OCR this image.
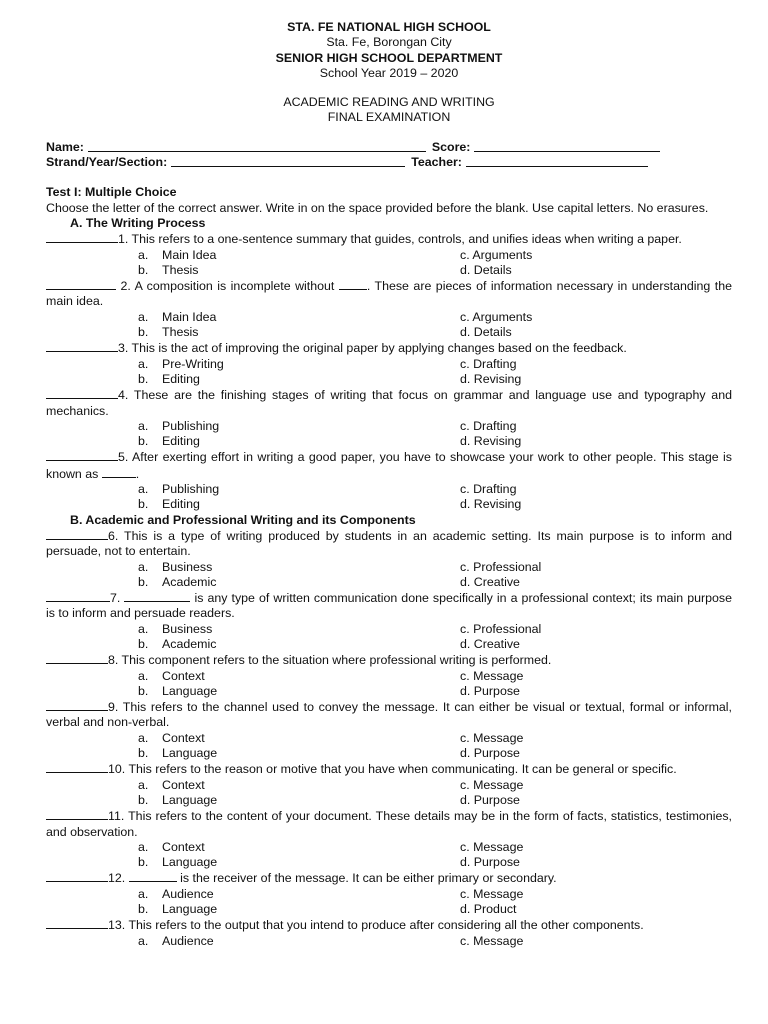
STA. FE NATIONAL HIGH SCHOOL
Sta. Fe, Borongan City
SENIOR HIGH SCHOOL DEPARTMENT
School Year 2019 – 2020
ACADEMIC READING AND WRITING
FINAL EXAMINATION
Name:	Score:
Strand/Year/Section:	Teacher:
Test I: Multiple Choice
Choose the letter of the correct answer. Write in on the space provided before the blank. Use capital letters. No erasures.
A. The Writing Process
1. This refers to a one-sentence summary that guides, controls, and unifies ideas when writing a paper.
a.	Main Idea	c. Arguments
b.	Thesis	d. Details
2. A composition is incomplete without . These are pieces of information necessary in understanding the main idea.
a.	Main Idea	c. Arguments
b.	Thesis	d. Details
3. This is the act of improving the original paper by applying changes based on the feedback.
a.	Pre-Writing	c. Drafting
b.	Editing	d. Revising
4. These are the finishing stages of writing that focus on grammar and language use and typography and mechanics.
a.	Publishing	c. Drafting
b.	Editing	d. Revising
5. After exerting effort in writing a good paper, you have to showcase your work to other people. This stage is known as	.
a.	Publishing	c. Drafting
b.	Editing	d. Revising
B. Academic and Professional Writing and its Components
6. This is a type of writing produced by students in an academic setting. Its main purpose is to inform and persuade, not to entertain.
a.	Business	c. Professional
b.	Academic	d. Creative
7.	is any type of written communication done specifically in a professional context; its main purpose is to inform and persuade readers.
a.	Business	c. Professional
b.	Academic	d. Creative
8. This component refers to the situation where professional writing is performed.
a.	Context	c. Message
b.	Language	d. Purpose
9. This refers to the channel used to convey the message. It can either be visual or textual, formal or informal, verbal and non-verbal.
a.	Context	c. Message
b.	Language	d. Purpose
10. This refers to the reason or motive that you have when communicating. It can be general or specific.
a.	Context	c. Message
b.	Language	d. Purpose
11. This refers to the content of your document. These details may be in the form of facts, statistics, testimonies, and observation.
a.	Context	c. Message
b.	Language	d. Purpose
12.	is the receiver of the message. It can be either primary or secondary.
a.	Audience	c. Message
b.	Language	d. Product
13. This refers to the output that you intend to produce after considering all the other components.
a.	Audience	c. Message
